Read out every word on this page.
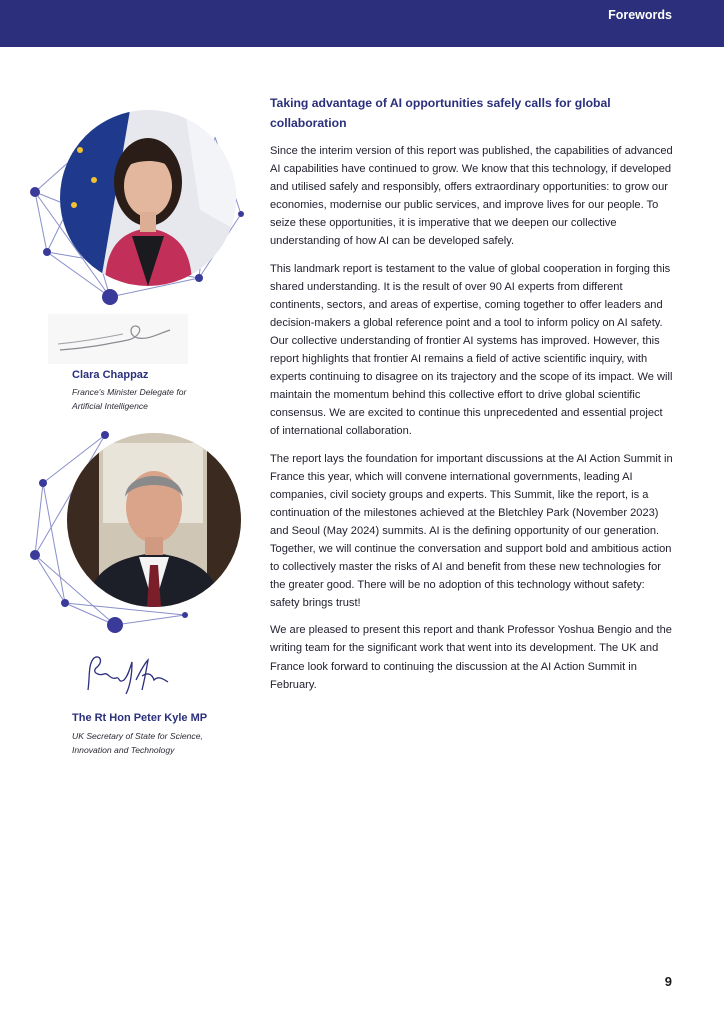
Forewords
Clara Chappaz
France's Minister Delegate for
Artificial Intelligence
The Rt Hon Peter Kyle MP
UK Secretary of State for Science,
Innovation and Technology
Taking advantage of AI opportunities safely calls for global collaboration

Since the interim version of this report was published, the capabilities of advanced AI capabilities have continued to grow. We know that this technology, if developed and utilised safely and responsibly, offers extraordinary opportunities: to grow our economies, modernise our public services, and improve lives for our people. To seize these opportunities, it is imperative that we deepen our collective understanding of how AI can be developed safely.

This landmark report is testament to the value of global cooperation in forging this shared understanding. It is the result of over 90 AI experts from different continents, sectors, and areas of expertise, coming together to offer leaders and decision-makers a global reference point and a tool to inform policy on AI safety. Our collective understanding of frontier AI systems has improved. However, this report highlights that frontier AI remains a field of active scientific inquiry, with experts continuing to disagree on its trajectory and the scope of its impact. We will maintain the momentum behind this collective effort to drive global scientific consensus. We are excited to continue this unprecedented and essential project of international collaboration.

The report lays the foundation for important discussions at the AI Action Summit in France this year, which will convene international governments, leading AI companies, civil society groups and experts. This Summit, like the report, is a continuation of the milestones achieved at the Bletchley Park (November 2023) and Seoul (May 2024) summits. AI is the defining opportunity of our generation. Together, we will continue the conversation and support bold and ambitious action to collectively master the risks of AI and benefit from these new technologies for the greater good. There will be no adoption of this technology without safety: safety brings trust!

We are pleased to present this report and thank Professor Yoshua Bengio and the writing team for the significant work that went into its development. The UK and France look forward to continuing the discussion at the AI Action Summit in February.

9
